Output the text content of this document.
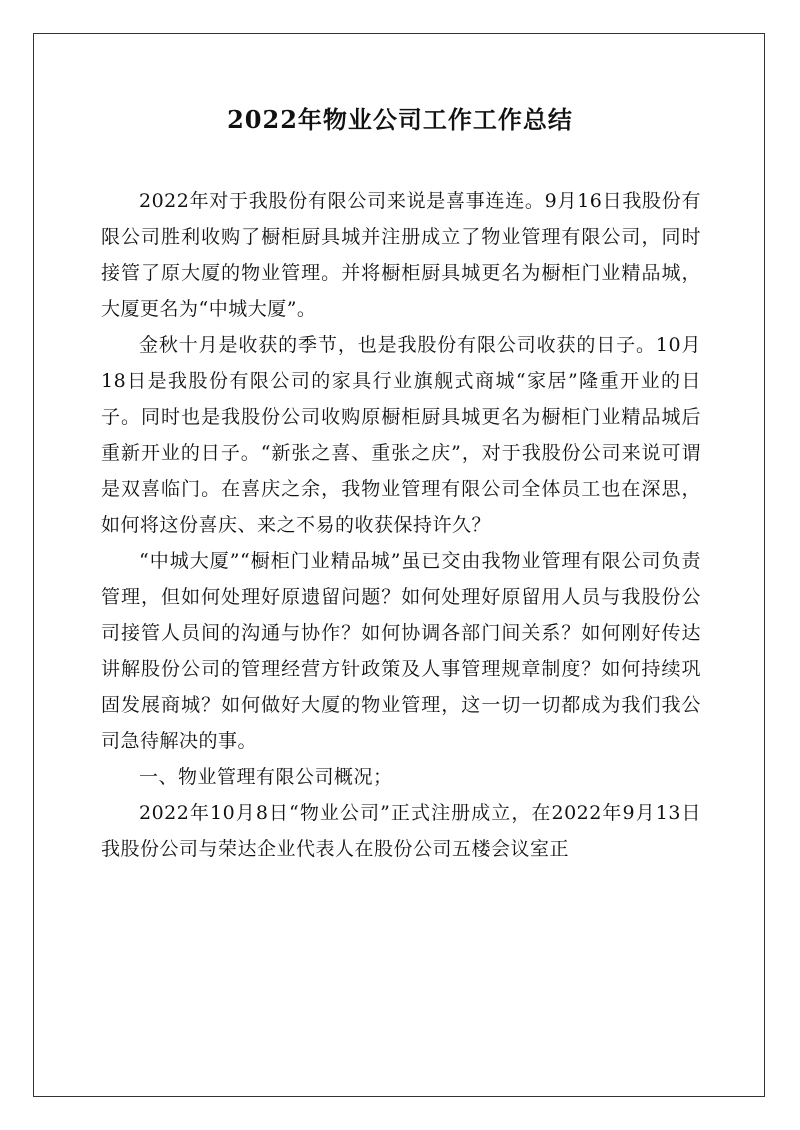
2022年物业公司工作工作总结

2022年对于我股份有限公司来说是喜事连连。9月16日我股份有限公司胜利收购了橱柜厨具城并注册成立了物业管理有限公司，同时接管了原大厦的物业管理。并将橱柜厨具城更名为橱柜门业精品城，大厦更名为“中城大厦”。

金秋十月是收获的季节，也是我股份有限公司收获的日子。10月18日是我股份有限公司的家具行业旗舰式商城“家居”隆重开业的日子。同时也是我股份公司收购原橱柜厨具城更名为橱柜门业精品城后重新开业的日子。“新张之喜、重张之庆”，对于我股份公司来说可谓是双喜临门。在喜庆之余，我物业管理有限公司全体员工也在深思，如何将这份喜庆、来之不易的收获保持许久？

“中城大厦”“橱柜门业精品城”虽已交由我物业管理有限公司负责管理，但如何处理好原遗留问题？如何处理好原留用人员与我股份公司接管人员间的沟通与协作？如何协调各部门间关系？如何刚好传达讲解股份公司的管理经营方针政策及人事管理规章制度？如何持续巩固发展商城？如何做好大厦的物业管理，这一切一切都成为我们我公司急待解决的事。

一、物业管理有限公司概况；

2022年10月8日“物业公司”正式注册成立，在2022年9月13日我股份公司与荣达企业代表人在股份公司五楼会议室正
